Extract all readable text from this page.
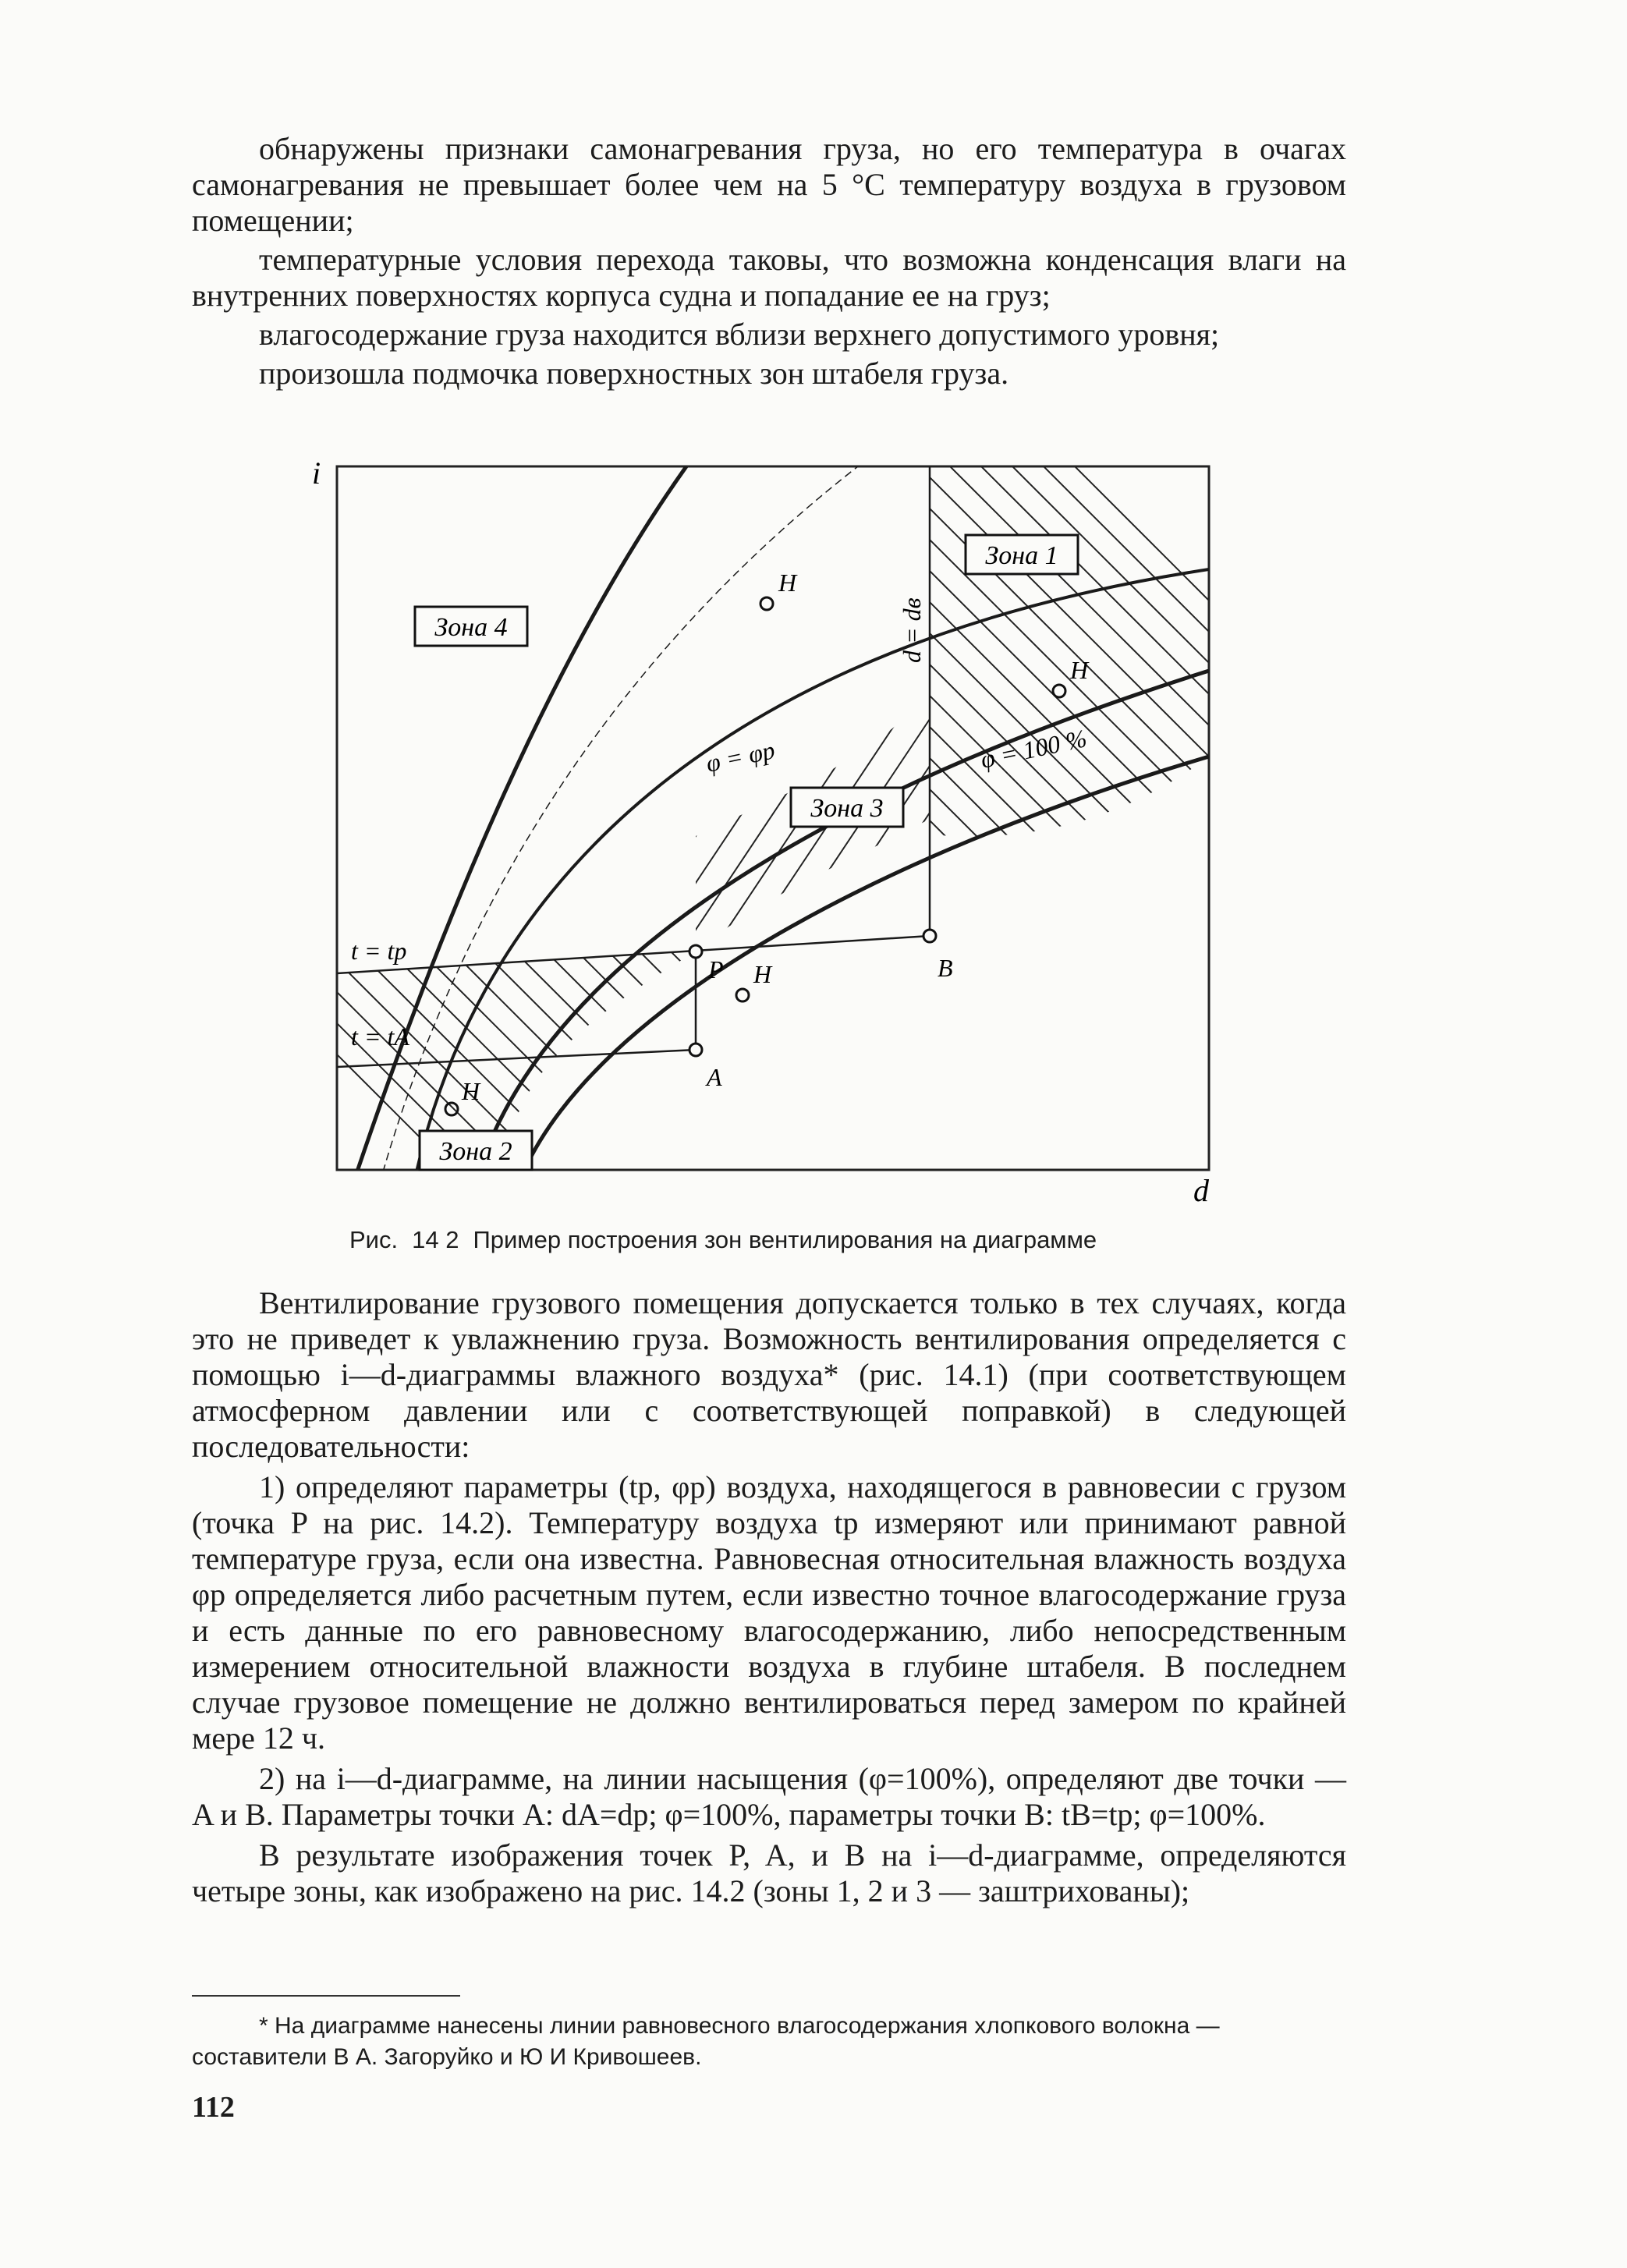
обнаружены признаки самонагревания груза, но его температура в очагах самонагревания не превышает более чем на 5 °С температуру воздуха в грузовом помещении;

температурные условия перехода таковы, что возможна конденсация влаги на внутренних поверхностях корпуса судна и попадание ее на груз;

влагосодержание груза находится вблизи верхнего допустимого уровня;

произошла подмочка поверхностных зон штабеля груза.

Зона 1
Зона 2
Зона 3
Зона 4
i
d
t = tр
t = tА
φ = φр	φ = 100 %
d = dв
P
A
B
H
H
H
H
Рис. 14 2 Пример построения зон вентилирования на диаграмме

Вентилирование грузового помещения допускается только в тех случаях, когда это не приведет к увлажнению груза. Возможность вентилирования определяется с помощью i—d-диаграммы влажного воздуха* (рис. 14.1) (при соответствующем атмосферном давлении или с соответствующей поправкой) в следующей последовательности:

1) определяют параметры (tр, φр) воздуха, находящегося в равновесии с грузом (точка P на рис. 14.2). Температуру воздуха tр измеряют или принимают равной температуре груза, если она известна. Равновесная относительная влажность воздуха φр определяется либо расчетным путем, если известно точное влагосодержание груза и есть данные по его равновесному влагосодержанию, либо непосредственным измерением относительной влажности воздуха в глубине штабеля. В последнем случае грузовое помещение не должно вентилироваться перед замером по крайней мере 12 ч.

2) на i—d-диаграмме, на линии насыщения (φ=100%), определяют две точки — A и B. Параметры точки A: dA=dр; φ=100%, параметры точки B: tB=tр; φ=100%.

В результате изображения точек P, A, и B на i—d-диаграмме, определяются четыре зоны, как изображено на рис. 14.2 (зоны 1, 2 и 3 — заштрихованы);

* На диаграмме нанесены линии равновесного влагосодержания хлопкового волокна — составители В А. Загоруйко и Ю И Кривошеев.
112
